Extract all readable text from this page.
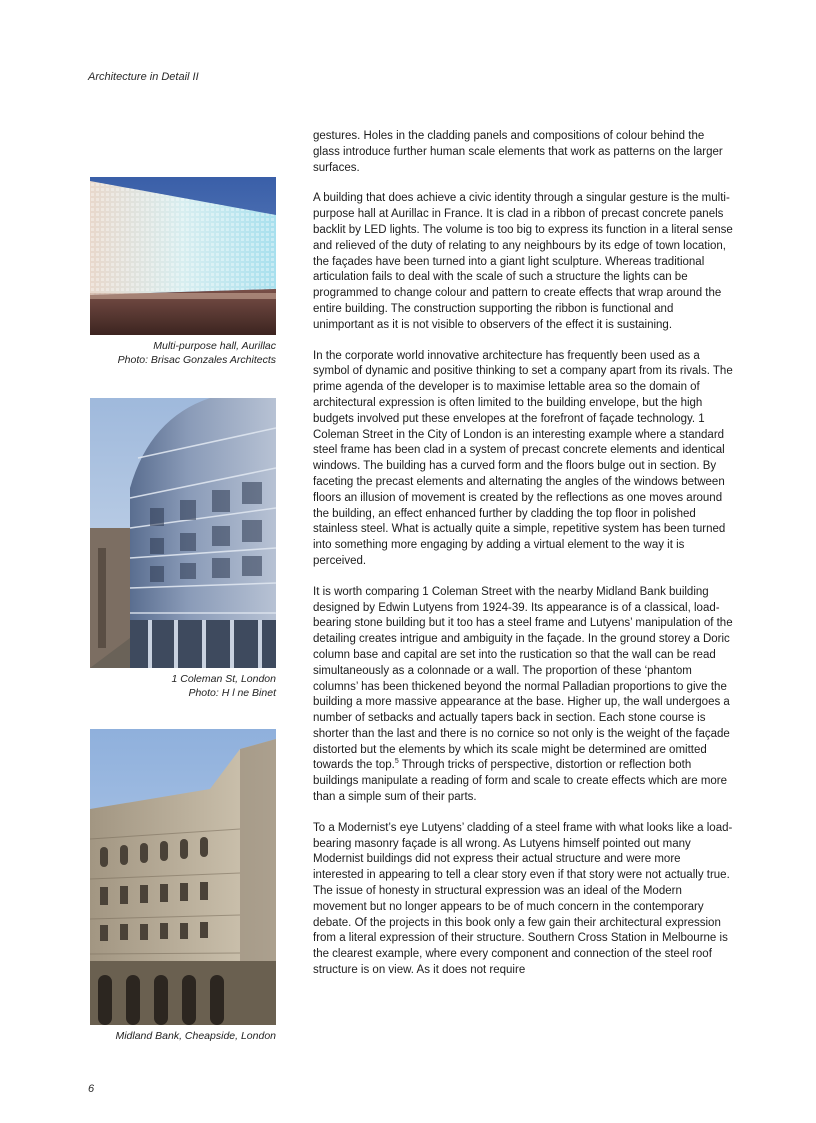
Architecture in Detail II
Multi-purpose hall, Aurillac
Photo: Brisac Gonzales Architects
1 Coleman St, London
Photo: H l ne Binet
Midland Bank, Cheapside, London

gestures. Holes in the cladding panels and compositions of colour behind the glass introduce further human scale elements that work as patterns on the larger surfaces.

A building that does achieve a civic identity through a singular gesture is the multi-purpose hall at Aurillac in France. It is clad in a ribbon of precast concrete panels backlit by LED lights. The volume is too big to express its function in a literal sense and relieved of the duty of relating to any neighbours by its edge of town location, the façades have been turned into a giant light sculpture. Whereas traditional articulation fails to deal with the scale of such a structure the lights can be programmed to change colour and pattern to create effects that wrap around the entire building. The construction supporting the ribbon is functional and unimportant as it is not visible to observers of the effect it is sustaining.

In the corporate world innovative architecture has frequently been used as a symbol of dynamic and positive thinking to set a company apart from its rivals. The prime agenda of the developer is to maximise lettable area so the domain of architectural expression is often limited to the building envelope, but the high budgets involved put these envelopes at the forefront of façade technology. 1 Coleman Street in the City of London is an interesting example where a standard steel frame has been clad in a system of precast concrete elements and identical windows. The building has a curved form and the floors bulge out in section. By faceting the precast elements and alternating the angles of the windows between floors an illusion of movement is created by the reflections as one moves around the building, an effect enhanced further by cladding the top floor in polished stainless steel. What is actually quite a simple, repetitive system has been turned into something more engaging by adding a virtual element to the way it is perceived.

It is worth comparing 1 Coleman Street with the nearby Midland Bank building designed by Edwin Lutyens from 1924-39. Its appearance is of a classical, load-bearing stone building but it too has a steel frame and Lutyens’ manipulation of the detailing creates intrigue and ambiguity in the façade. In the ground storey a Doric column base and capital are set into the rustication so that the wall can be read simultaneously as a colonnade or a wall. The proportion of these ‘phantom columns’ has been thickened beyond the normal Palladian proportions to give the building a more massive appearance at the base. Higher up, the wall undergoes a number of setbacks and actually tapers back in section. Each stone course is shorter than the last and there is no cornice so not only is the weight of the façade distorted but the elements by which its scale might be determined are omitted towards the top.$^5$ Through tricks of perspective, distortion or reflection both buildings manipulate a reading of form and scale to create effects which are more than a simple sum of their parts.

To a Modernist’s eye Lutyens’ cladding of a steel frame with what looks like a load-bearing masonry façade is all wrong. As Lutyens himself pointed out many Modernist buildings did not express their actual structure and were more interested in appearing to tell a clear story even if that story were not actually true. The issue of honesty in structural expression was an ideal of the Modern movement but no longer appears to be of much concern in the contemporary debate. Of the projects in this book only a few gain their architectural expression from a literal expression of their structure. Southern Cross Station in Melbourne is the clearest example, where every component and connection of the steel roof structure is on view. As it does not require

6
